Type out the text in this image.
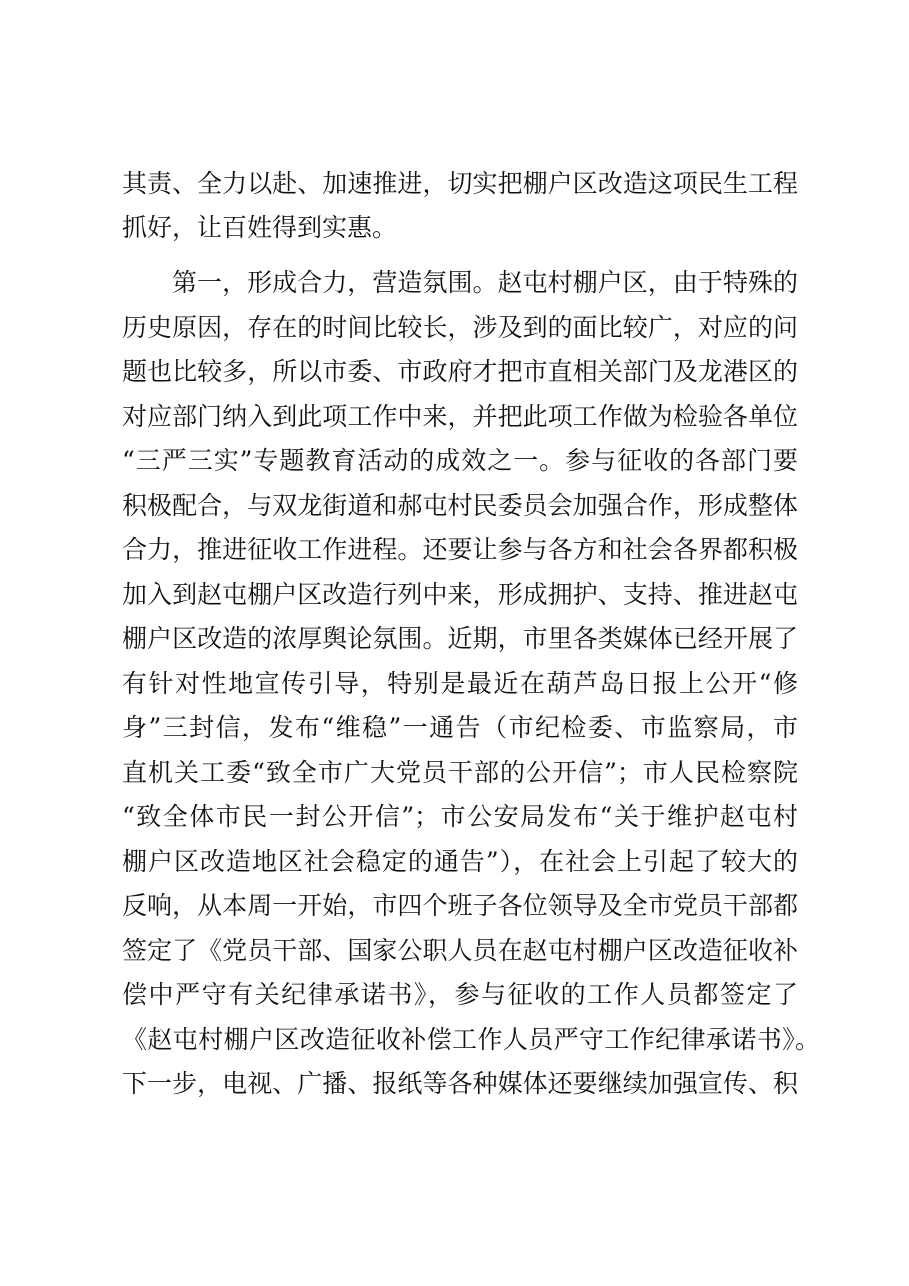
其责、全力以赴、加速推进，切实把棚户区改造这项民生工程
抓好，让百姓得到实惠。
第一，形成合力，营造氛围。赵屯村棚户区，由于特殊的
历史原因，存在的时间比较长，涉及到的面比较广，对应的问
题也比较多，所以市委、市政府才把市直相关部门及龙港区的
对应部门纳入到此项工作中来，并把此项工作做为检验各单位
“三严三实”专题教育活动的成效之一。参与征收的各部门要
积极配合，与双龙街道和郝屯村民委员会加强合作，形成整体
合力，推进征收工作进程。还要让参与各方和社会各界都积极
加入到赵屯棚户区改造行列中来，形成拥护、支持、推进赵屯
棚户区改造的浓厚舆论氛围。近期，市里各类媒体已经开展了
有针对性地宣传引导，特别是最近在葫芦岛日报上公开“修
身”三封信，发布“维稳”一通告（市纪检委、市监察局，市
直机关工委“致全市广大党员干部的公开信”；市人民检察院
“致全体市民一封公开信”；市公安局发布“关于维护赵屯村
棚户区改造地区社会稳定的通告”），在社会上引起了较大的
反响，从本周一开始，市四个班子各位领导及全市党员干部都
签定了《党员干部、国家公职人员在赵屯村棚户区改造征收补
偿中严守有关纪律承诺书》，参与征收的工作人员都签定了
《赵屯村棚户区改造征收补偿工作人员严守工作纪律承诺书》。
下一步，电视、广播、报纸等各种媒体还要继续加强宣传、积
